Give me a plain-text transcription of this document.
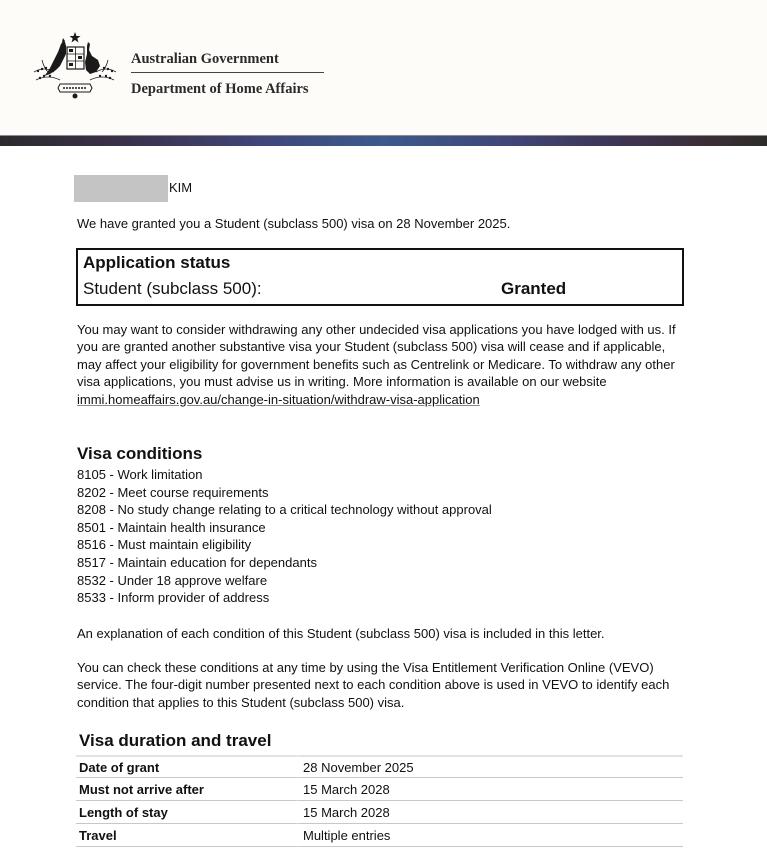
Australian Government
Department of Home Affairs
KIM
We have granted you a Student (subclass 500) visa on 28 November 2025.
Application status
Student (subclass 500):	Granted
You may want to consider withdrawing any other undecided visa applications you have lodged with us. If you are granted another substantive visa your Student (subclass 500) visa will cease and if applicable, may affect your eligibility for government benefits such as Centrelink or Medicare. To withdraw any other visa applications, you must advise us in writing. More information is available on our website immi.homeaffairs.gov.au/change-in-situation/withdraw-visa-application
Visa conditions
8105 - Work limitation
8202 - Meet course requirements
8208 - No study change relating to a critical technology without approval
8501 - Maintain health insurance
8516 - Must maintain eligibility
8517 - Maintain education for dependants
8532 - Under 18 approve welfare
8533 - Inform provider of address
An explanation of each condition of this Student (subclass 500) visa is included in this letter.
You can check these conditions at any time by using the Visa Entitlement Verification Online (VEVO) service. The four-digit number presented next to each condition above is used in VEVO to identify each condition that applies to this Student (subclass 500) visa.
Visa duration and travel
Date of grant	28 November 2025
Must not arrive after	15 March 2028
Length of stay	15 March 2028
Travel	Multiple entries
